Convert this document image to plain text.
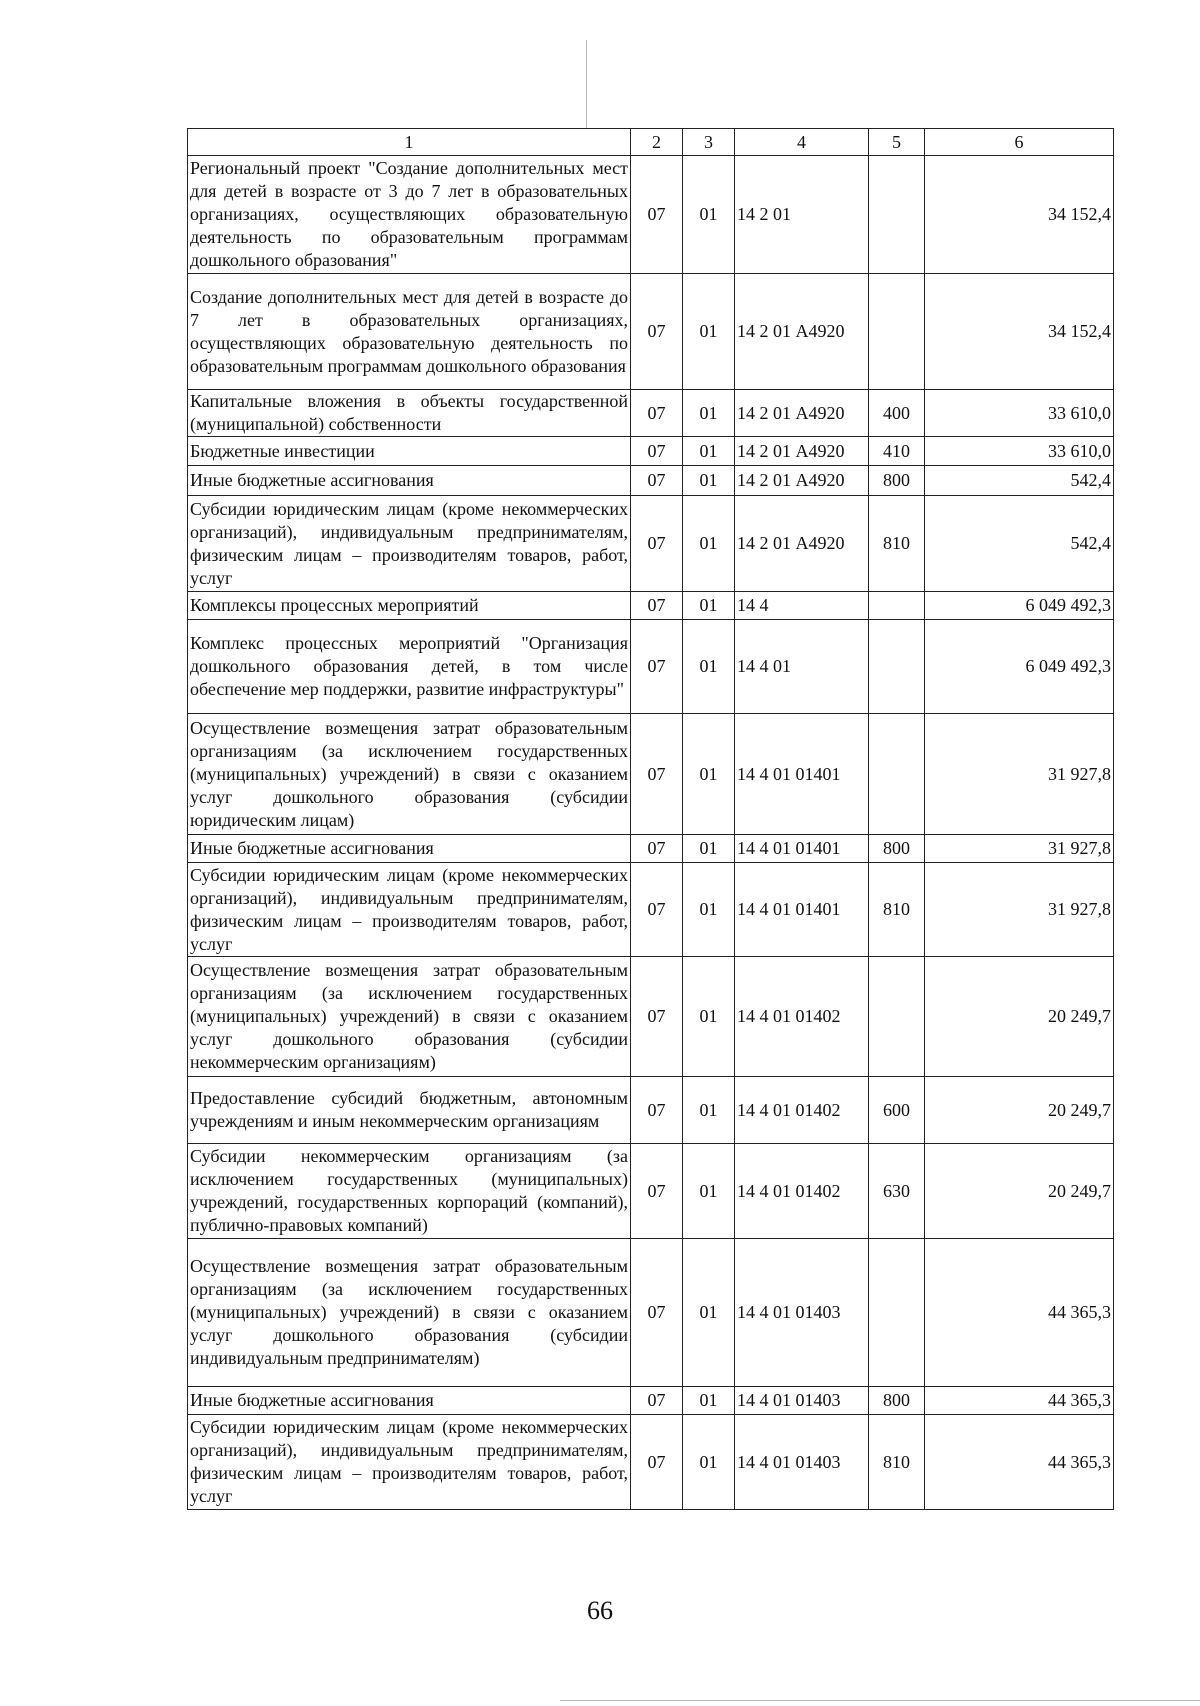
1	2	3	4	5	6
Региональный проект "Создание дополнительных мест для детей в возрасте от 3 до 7 лет в образовательных организациях, осуществляющих образовательную деятельность по образовательным программам дошкольного образования"	07	01	14 2 01		34 152,4
Создание дополнительных мест для детей в возрасте до 7 лет в образовательных организациях, осуществляющих образовательную деятельность по образовательным программам дошкольного образования	07	01	14 2 01 А4920		34 152,4
Капитальные вложения в объекты государственной (муниципальной) собственности	07	01	14 2 01 А4920	400	33 610,0
Бюджетные инвестиции	07	01	14 2 01 А4920	410	33 610,0
Иные бюджетные ассигнования	07	01	14 2 01 А4920	800	542,4
Субсидии юридическим лицам (кроме некоммерческих организаций), индивидуальным предпринимателям, физическим лицам – производителям товаров, работ, услуг	07	01	14 2 01 А4920	810	542,4
Комплексы процессных мероприятий	07	01	14 4		6 049 492,3
Комплекс процессных мероприятий "Организация дошкольного образования детей, в том числе обеспечение мер поддержки, развитие инфраструктуры"	07	01	14 4 01		6 049 492,3
Осуществление возмещения затрат образовательным организациям (за исключением государственных (муниципальных) учреждений) в связи с оказанием услуг дошкольного образования (субсидии юридическим лицам)	07	01	14 4 01 01401		31 927,8
Иные бюджетные ассигнования	07	01	14 4 01 01401	800	31 927,8
Субсидии юридическим лицам (кроме некоммерческих организаций), индивидуальным предпринимателям, физическим лицам – производителям товаров, работ, услуг	07	01	14 4 01 01401	810	31 927,8
Осуществление возмещения затрат образовательным организациям (за исключением государственных (муниципальных) учреждений) в связи с оказанием услуг дошкольного образования (субсидии некоммерческим организациям)	07	01	14 4 01 01402		20 249,7
Предоставление субсидий бюджетным, автономным учреждениям и иным некоммерческим организациям	07	01	14 4 01 01402	600	20 249,7
Субсидии некоммерческим организациям (за исключением государственных (муниципальных) учреждений, государственных корпораций (компаний), публично-правовых компаний)	07	01	14 4 01 01402	630	20 249,7
Осуществление возмещения затрат образовательным организациям (за исключением государственных (муниципальных) учреждений) в связи с оказанием услуг дошкольного образования (субсидии индивидуальным предпринимателям)	07	01	14 4 01 01403		44 365,3
Иные бюджетные ассигнования	07	01	14 4 01 01403	800	44 365,3
Субсидии юридическим лицам (кроме некоммерческих организаций), индивидуальным предпринимателям, физическим лицам – производителям товаров, работ, услуг	07	01	14 4 01 01403	810	44 365,3
66
